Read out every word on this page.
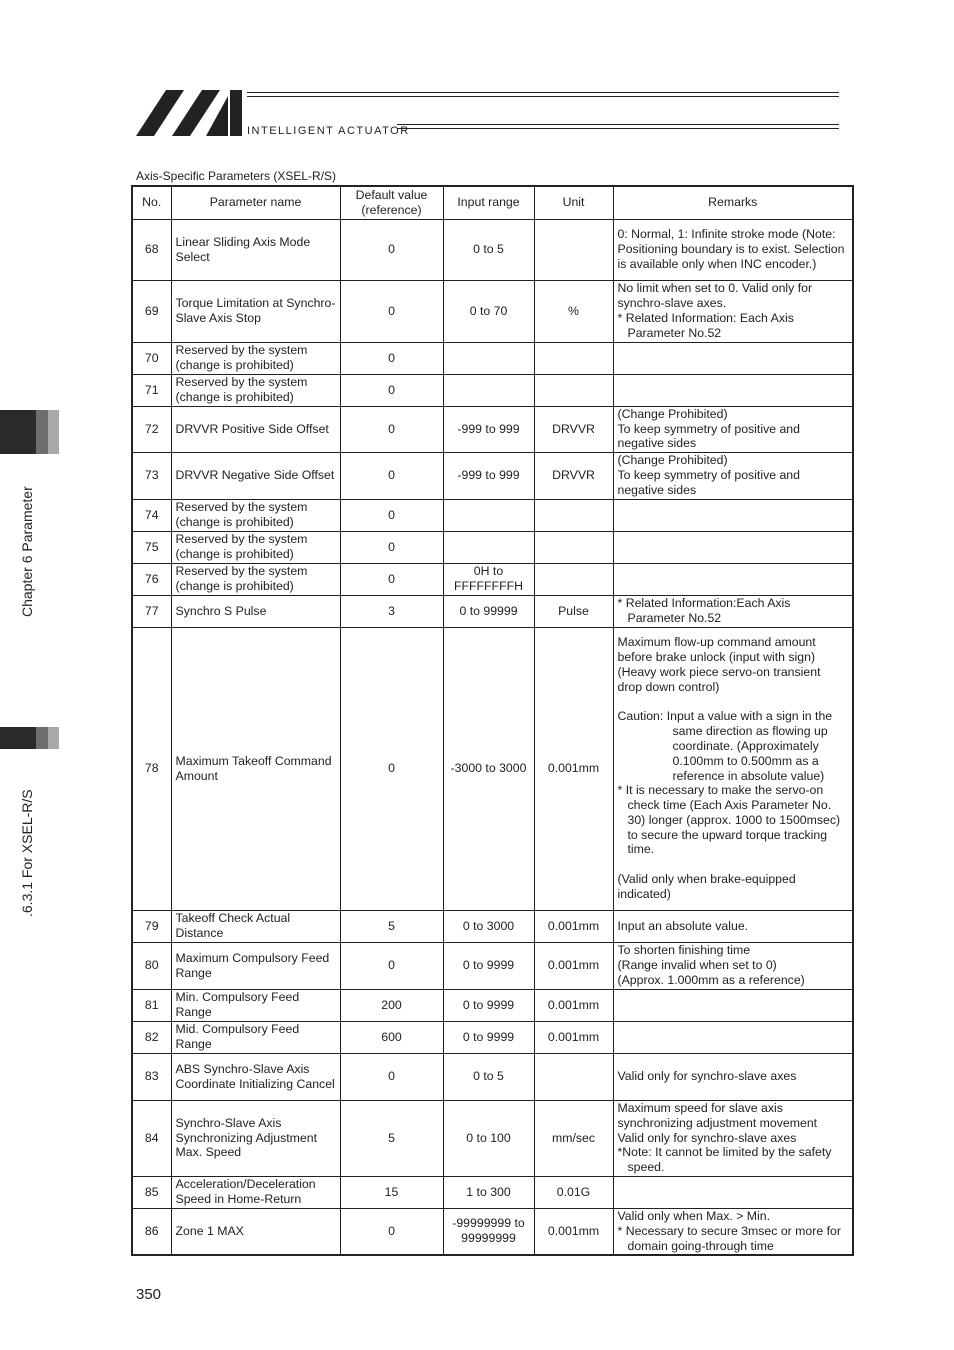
INTELLIGENT ACTUATOR
Chapter 6 Parameter
.6.3.1 For XSEL-R/S
Axis-Specific Parameters (XSEL-R/S)
No.	Parameter name	Default value (reference)	Input range	Unit	Remarks
68	Linear Sliding Axis Mode Select	0	0 to 5		0: Normal, 1: Infinite stroke mode (Note: Positioning boundary is to exist. Selection is available only when INC encoder.)

69	Torque Limitation at Synchro-Slave Axis Stop	0	0 to 70	%	No limit when set to 0. Valid only for synchro-slave axes.
* Related Information: Each Axis Parameter No.52

70	Reserved by the system (change is prohibited)	0			
71	Reserved by the system (change is prohibited)	0			
72	DRVVR Positive Side Offset	0	-999 to 999	DRVVR	(Change Prohibited)
To keep symmetry of positive and negative sides

73	DRVVR Negative Side Offset	0	-999 to 999	DRVVR	(Change Prohibited)
To keep symmetry of positive and negative sides

74	Reserved by the system (change is prohibited)	0			
75	Reserved by the system (change is prohibited)	0			
76	Reserved by the system (change is prohibited)	0	0H to FFFFFFFFH		
77	Synchro S Pulse	3	0 to 99999	Pulse	* Related Information:Each Axis Parameter No.52

78	Maximum Takeoff Command Amount	0	-3000 to 3000	0.001mm	Maximum flow-up command amount before brake unlock (input with sign) (Heavy work piece servo-on transient drop down control)

Caution: Input a value with a sign in the same direction as flowing up coordinate. (Approximately 0.100mm to 0.500mm as a reference in absolute value)
* It is necessary to make the servo-on check time (Each Axis Parameter No. 30) longer (approx. 1000 to 1500msec) to secure the upward torque tracking time.

(Valid only when brake-equipped indicated)

79	Takeoff Check Actual Distance	5	0 to 3000	0.001mm	Input an absolute value.

80	Maximum Compulsory Feed Range	0	0 to 9999	0.001mm	To shorten finishing time
(Range invalid when set to 0)
(Approx. 1.000mm as a reference)

81	Min. Compulsory Feed Range	200	0 to 9999	0.001mm	
82	Mid. Compulsory Feed Range	600	0 to 9999	0.001mm	
83	ABS Synchro-Slave Axis Coordinate Initializing Cancel	0	0 to 5		Valid only for synchro-slave axes

84	Synchro-Slave Axis Synchronizing Adjustment Max. Speed	5	0 to 100	mm/sec	Maximum speed for slave axis synchronizing adjustment movement
Valid only for synchro-slave axes
*Note: It cannot be limited by the safety speed.

85	Acceleration/Deceleration Speed in Home-Return	15	1 to 300	0.01G	
86	Zone 1 MAX	0	-99999999 to 99999999	0.001mm	Valid only when Max. > Min.
* Necessary to secure 3msec or more for domain going-through time
350
